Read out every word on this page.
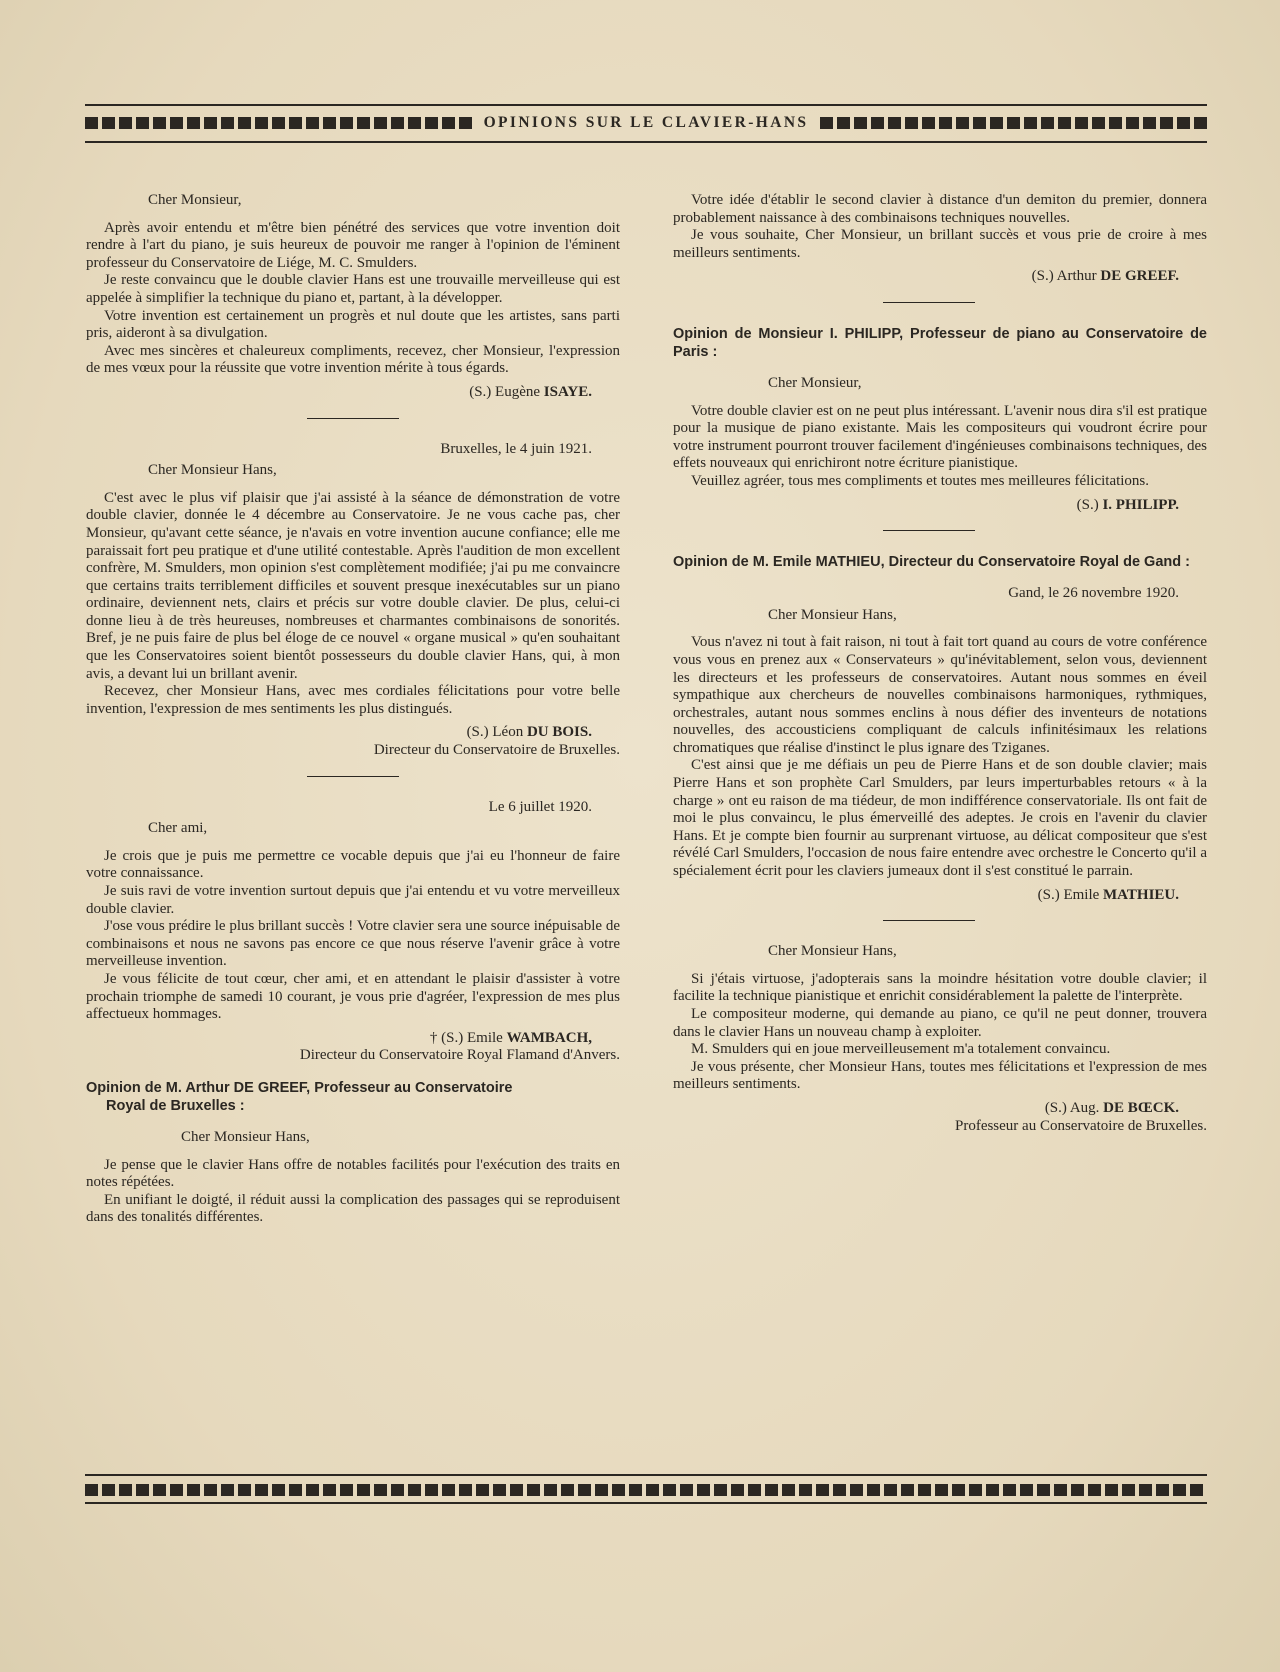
OPINIONS SUR LE CLAVIER-HANS

Cher Monsieur,

Après avoir entendu et m'être bien pénétré des services que votre invention doit rendre à l'art du piano, je suis heureux de pouvoir me ranger à l'opinion de l'éminent professeur du Conservatoire de Liége, M. C. Smulders.

Je reste convaincu que le double clavier Hans est une trouvaille merveilleuse qui est appelée à simplifier la technique du piano et, partant, à la développer.

Votre invention est certainement un progrès et nul doute que les artistes, sans parti pris, aideront à sa divulgation.

Avec mes sincères et chaleureux compliments, recevez, cher Monsieur, l'expression de mes vœux pour la réussite que votre invention mérite à tous égards.

(S.) Eugène ISAYE.

Bruxelles, le 4 juin 1921.

Cher Monsieur Hans,

C'est avec le plus vif plaisir que j'ai assisté à la séance de démonstration de votre double clavier, donnée le 4 décembre au Conservatoire. Je ne vous cache pas, cher Monsieur, qu'avant cette séance, je n'avais en votre invention aucune confiance; elle me paraissait fort peu pratique et d'une utilité contestable. Après l'audition de mon excellent confrère, M. Smulders, mon opinion s'est complètement modifiée; j'ai pu me convaincre que certains traits terriblement difficiles et souvent presque inexécutables sur un piano ordinaire, deviennent nets, clairs et précis sur votre double clavier. De plus, celui-ci donne lieu à de très heureuses, nombreuses et charmantes combinaisons de sonorités. Bref, je ne puis faire de plus bel éloge de ce nouvel « organe musical » qu'en souhaitant que les Conservatoires soient bientôt possesseurs du double clavier Hans, qui, à mon avis, a devant lui un brillant avenir.

Recevez, cher Monsieur Hans, avec mes cordiales félicitations pour votre belle invention, l'expression de mes sentiments les plus distingués.

(S.) Léon DU BOIS.

Directeur du Conservatoire de Bruxelles.

Le 6 juillet 1920.

Cher ami,

Je crois que je puis me permettre ce vocable depuis que j'ai eu l'honneur de faire votre connaissance.

Je suis ravi de votre invention surtout depuis que j'ai entendu et vu votre merveilleux double clavier.

J'ose vous prédire le plus brillant succès ! Votre clavier sera une source inépuisable de combinaisons et nous ne savons pas encore ce que nous réserve l'avenir grâce à votre merveilleuse invention.

Je vous félicite de tout cœur, cher ami, et en attendant le plaisir d'assister à votre prochain triomphe de samedi 10 courant, je vous prie d'agréer, l'expression de mes plus affectueux hommages.

† (S.) Emile WAMBACH,

Directeur du Conservatoire Royal Flamand d'Anvers.

Opinion de M. Arthur DE GREEF, Professeur au Conservatoire
Royal de Bruxelles :

Cher Monsieur Hans,

Je pense que le clavier Hans offre de notables facilités pour l'exécution des traits en notes répétées.

En unifiant le doigté, il réduit aussi la complication des passages qui se reproduisent dans des tonalités différentes.

Votre idée d'établir le second clavier à distance d'un demiton du premier, donnera probablement naissance à des combinaisons techniques nouvelles.

Je vous souhaite, Cher Monsieur, un brillant succès et vous prie de croire à mes meilleurs sentiments.

(S.) Arthur DE GREEF.

Opinion de Monsieur I. PHILIPP, Professeur de piano au Conservatoire de Paris :

Cher Monsieur,

Votre double clavier est on ne peut plus intéressant. L'avenir nous dira s'il est pratique pour la musique de piano existante. Mais les compositeurs qui voudront écrire pour votre instrument pourront trouver facilement d'ingénieuses combinaisons techniques, des effets nouveaux qui enrichiront notre écriture pianistique.

Veuillez agréer, tous mes compliments et toutes mes meilleures félicitations.

(S.) I. PHILIPP.

Opinion de M. Emile MATHIEU, Directeur du Conservatoire Royal de Gand :

Gand, le 26 novembre 1920.

Cher Monsieur Hans,

Vous n'avez ni tout à fait raison, ni tout à fait tort quand au cours de votre conférence vous vous en prenez aux « Conservateurs » qu'inévitablement, selon vous, deviennent les directeurs et les professeurs de conservatoires. Autant nous sommes en éveil sympathique aux chercheurs de nouvelles combinaisons harmoniques, rythmiques, orchestrales, autant nous sommes enclins à nous défier des inventeurs de notations nouvelles, des accousticiens compliquant de calculs infinitésimaux les relations chromatiques que réalise d'instinct le plus ignare des Tziganes.

C'est ainsi que je me défiais un peu de Pierre Hans et de son double clavier; mais Pierre Hans et son prophète Carl Smulders, par leurs imperturbables retours « à la charge » ont eu raison de ma tiédeur, de mon indifférence conservatoriale. Ils ont fait de moi le plus convaincu, le plus émerveillé des adeptes. Je crois en l'avenir du clavier Hans. Et je compte bien fournir au surprenant virtuose, au délicat compositeur que s'est révélé Carl Smulders, l'occasion de nous faire entendre avec orchestre le Concerto qu'il a spécialement écrit pour les claviers jumeaux dont il s'est constitué le parrain.

(S.) Emile MATHIEU.

Cher Monsieur Hans,

Si j'étais virtuose, j'adopterais sans la moindre hésitation votre double clavier; il facilite la technique pianistique et enrichit considérablement la palette de l'interprète.

Le compositeur moderne, qui demande au piano, ce qu'il ne peut donner, trouvera dans le clavier Hans un nouveau champ à exploiter.

M. Smulders qui en joue merveilleusement m'a totalement convaincu.

Je vous présente, cher Monsieur Hans, toutes mes félicitations et l'expression de mes meilleurs sentiments.

(S.) Aug. DE BŒCK.

Professeur au Conservatoire de Bruxelles.
